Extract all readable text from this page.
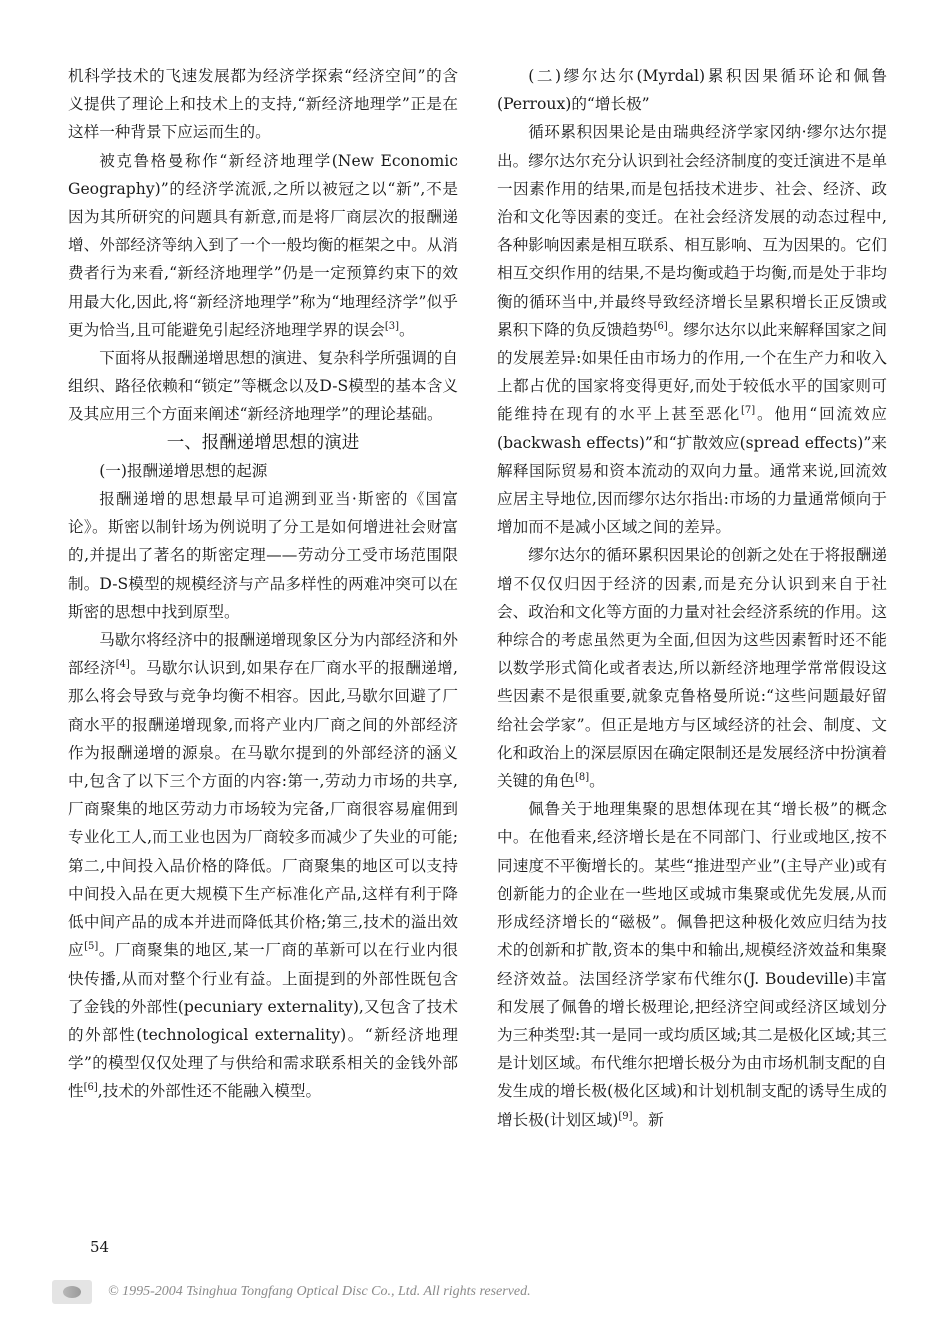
机科学技术的飞速发展都为经济学探索“经济空间”的含义提供了理论上和技术上的支持,“新经济地理学”正是在这样一种背景下应运而生的。

被克鲁格曼称作“新经济地理学(New Economic Geography)”的经济学流派,之所以被冠之以“新”,不是因为其所研究的问题具有新意,而是将厂商层次的报酬递增、外部经济等纳入到了一个一般均衡的框架之中。从消费者行为来看,“新经济地理学”仍是一定预算约束下的效用最大化,因此,将“新经济地理学”称为“地理经济学”似乎更为恰当,且可能避免引起经济地理学界的误会[3]。

下面将从报酬递增思想的演进、复杂科学所强调的自组织、路径依赖和“锁定”等概念以及D-S模型的基本含义及其应用三个方面来阐述“新经济地理学”的理论基础。

一、报酬递增思想的演进

(一)报酬递增思想的起源

报酬递增的思想最早可追溯到亚当·斯密的《国富论》。斯密以制针场为例说明了分工是如何增进社会财富的,并提出了著名的斯密定理——劳动分工受市场范围限制。D-S模型的规模经济与产品多样性的两难冲突可以在斯密的思想中找到原型。

马歇尔将经济中的报酬递增现象区分为内部经济和外部经济[4]。马歇尔认识到,如果存在厂商水平的报酬递增,那么将会导致与竞争均衡不相容。因此,马歇尔回避了厂商水平的报酬递增现象,而将产业内厂商之间的外部经济作为报酬递增的源泉。在马歇尔提到的外部经济的涵义中,包含了以下三个方面的内容:第一,劳动力市场的共享,厂商聚集的地区劳动力市场较为完备,厂商很容易雇佣到专业化工人,而工业也因为厂商较多而减少了失业的可能;第二,中间投入品价格的降低。厂商聚集的地区可以支持中间投入品在更大规模下生产标准化产品,这样有利于降低中间产品的成本并进而降低其价格;第三,技术的溢出效应[5]。厂商聚集的地区,某一厂商的革新可以在行业内很快传播,从而对整个行业有益。上面提到的外部性既包含了金钱的外部性(pecuniary externality),又包含了技术的外部性(technological externality)。“新经济地理学”的模型仅仅处理了与供给和需求联系相关的金钱外部性[6],技术的外部性还不能融入模型。

(二)缪尔达尔(Myrdal)累积因果循环论和佩鲁(Perroux)的“增长极”

循环累积因果论是由瑞典经济学家冈纳·缪尔达尔提出。缪尔达尔充分认识到社会经济制度的变迁演进不是单一因素作用的结果,而是包括技术进步、社会、经济、政治和文化等因素的变迁。在社会经济发展的动态过程中,各种影响因素是相互联系、相互影响、互为因果的。它们相互交织作用的结果,不是均衡或趋于均衡,而是处于非均衡的循环当中,并最终导致经济增长呈累积增长正反馈或累积下降的负反馈趋势[6]。缪尔达尔以此来解释国家之间的发展差异:如果任由市场力的作用,一个在生产力和收入上都占优的国家将变得更好,而处于较低水平的国家则可能维持在现有的水平上甚至恶化[7]。他用“回流效应(backwash effects)”和“扩散效应(spread effects)”来解释国际贸易和资本流动的双向力量。通常来说,回流效应居主导地位,因而缪尔达尔指出:市场的力量通常倾向于增加而不是减小区域之间的差异。

缪尔达尔的循环累积因果论的创新之处在于将报酬递增不仅仅归因于经济的因素,而是充分认识到来自于社会、政治和文化等方面的力量对社会经济系统的作用。这种综合的考虑虽然更为全面,但因为这些因素暂时还不能以数学形式简化或者表达,所以新经济地理学常常假设这些因素不是很重要,就象克鲁格曼所说:“这些问题最好留给社会学家”。但正是地方与区域经济的社会、制度、文化和政治上的深层原因在确定限制还是发展经济中扮演着关键的角色[8]。

佩鲁关于地理集聚的思想体现在其“增长极”的概念中。在他看来,经济增长是在不同部门、行业或地区,按不同速度不平衡增长的。某些“推进型产业”(主导产业)或有创新能力的企业在一些地区或城市集聚或优先发展,从而形成经济增长的“磁极”。佩鲁把这种极化效应归结为技术的创新和扩散,资本的集中和输出,规模经济效益和集聚经济效益。法国经济学家布代维尔(J. Boudeville)丰富和发展了佩鲁的增长极理论,把经济空间或经济区域划分为三种类型:其一是同一或均质区域;其二是极化区域;其三是计划区域。布代维尔把增长极分为由市场机制支配的自发生成的增长极(极化区域)和计划机制支配的诱导生成的增长极(计划区域)[9]。新

54
© 1995-2004 Tsinghua Tongfang Optical Disc Co., Ltd. All rights reserved.
